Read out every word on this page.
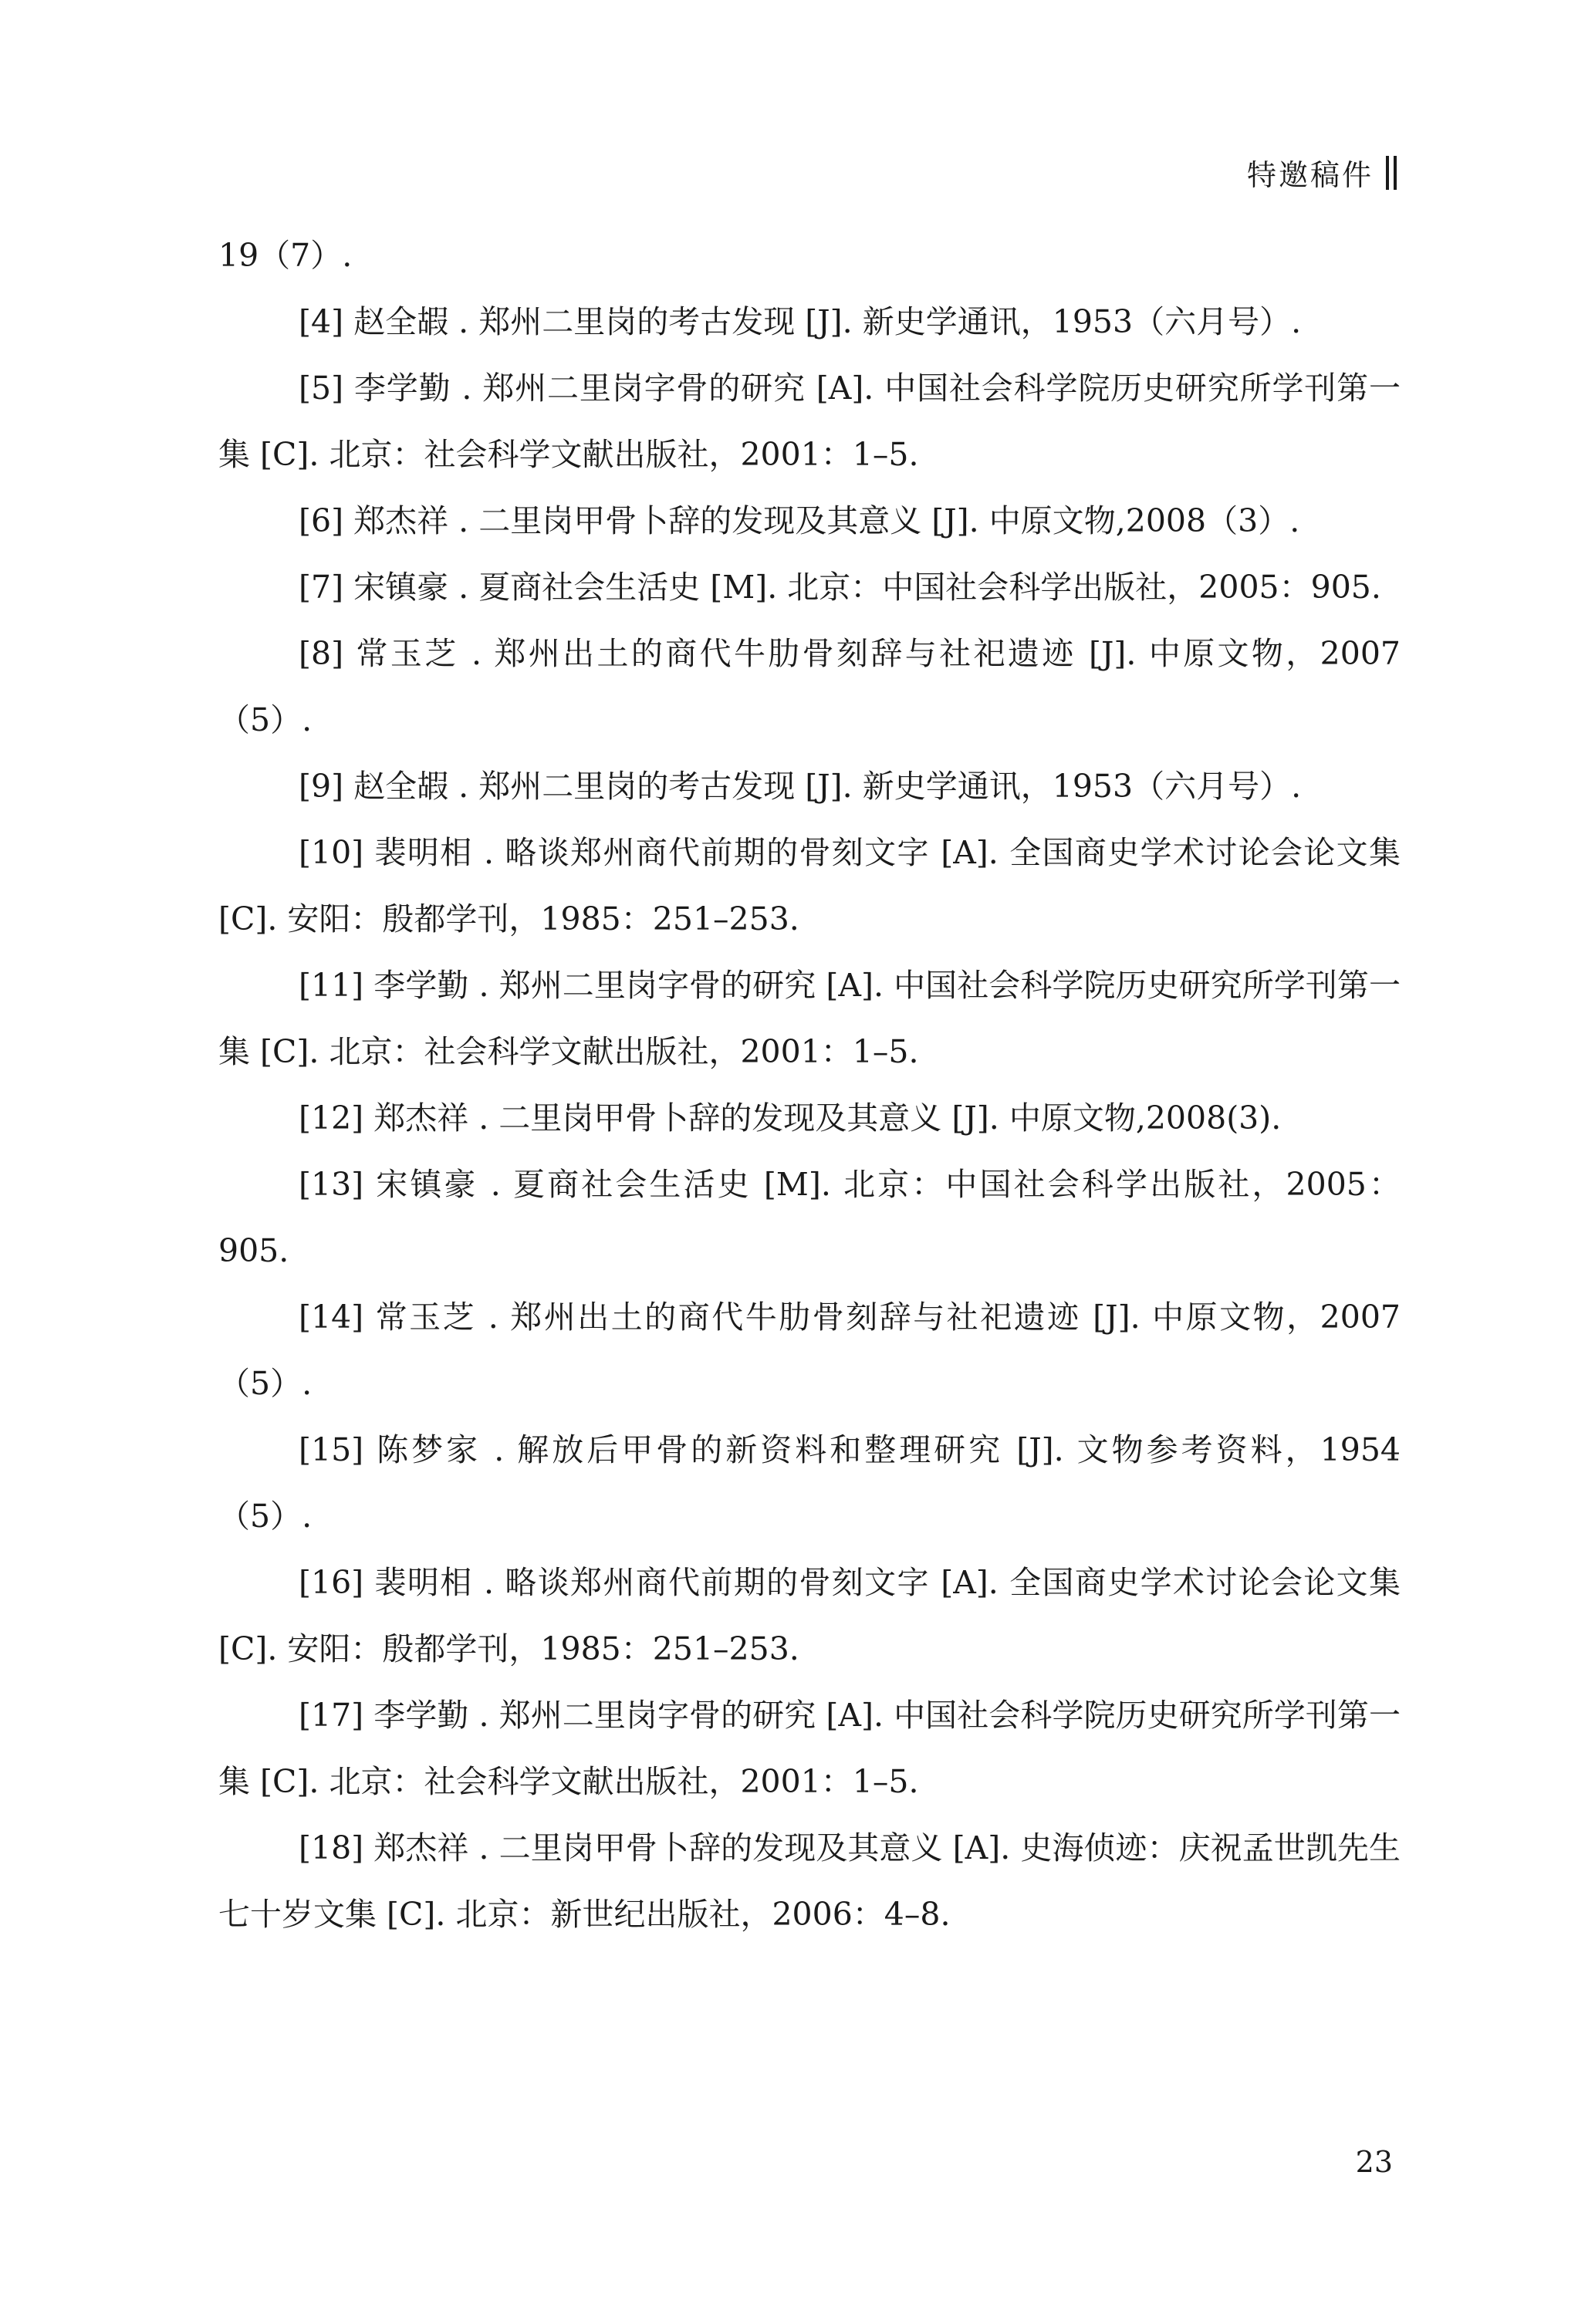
特邀稿件

19（7）.

[4] 赵全嘏 . 郑州二里岗的考古发现 [J]. 新史学通讯，1953（六月号）.

[5] 李学勤 . 郑州二里岗字骨的研究 [A]. 中国社会科学院历史研究所学刊第一集 [C]. 北京：社会科学文献出版社，2001：1–5.

[6] 郑杰祥 . 二里岗甲骨卜辞的发现及其意义 [J]. 中原文物,2008（3）.

[7] 宋镇豪 . 夏商社会生活史 [M]. 北京：中国社会科学出版社，2005：905.

[8] 常玉芝 . 郑州出土的商代牛肋骨刻辞与社祀遗迹 [J]. 中原文物，2007（5）.

[9] 赵全嘏 . 郑州二里岗的考古发现 [J]. 新史学通讯，1953（六月号）.

[10] 裴明相 . 略谈郑州商代前期的骨刻文字 [A]. 全国商史学术讨论会论文集 [C]. 安阳：殷都学刊，1985：251–253.

[11] 李学勤 . 郑州二里岗字骨的研究 [A]. 中国社会科学院历史研究所学刊第一集 [C]. 北京：社会科学文献出版社，2001：1–5.

[12] 郑杰祥 . 二里岗甲骨卜辞的发现及其意义 [J]. 中原文物,2008(3).

[13] 宋镇豪 . 夏商社会生活史 [M]. 北京：中国社会科学出版社，2005：905.

[14] 常玉芝 . 郑州出土的商代牛肋骨刻辞与社祀遗迹 [J]. 中原文物，2007（5）.

[15] 陈梦家 . 解放后甲骨的新资料和整理研究 [J]. 文物参考资料，1954（5）.

[16] 裴明相 . 略谈郑州商代前期的骨刻文字 [A]. 全国商史学术讨论会论文集 [C]. 安阳：殷都学刊，1985：251–253.

[17] 李学勤 . 郑州二里岗字骨的研究 [A]. 中国社会科学院历史研究所学刊第一集 [C]. 北京：社会科学文献出版社，2001：1–5.

[18] 郑杰祥 . 二里岗甲骨卜辞的发现及其意义 [A]. 史海侦迹：庆祝孟世凯先生七十岁文集 [C]. 北京：新世纪出版社，2006：4–8.

23
